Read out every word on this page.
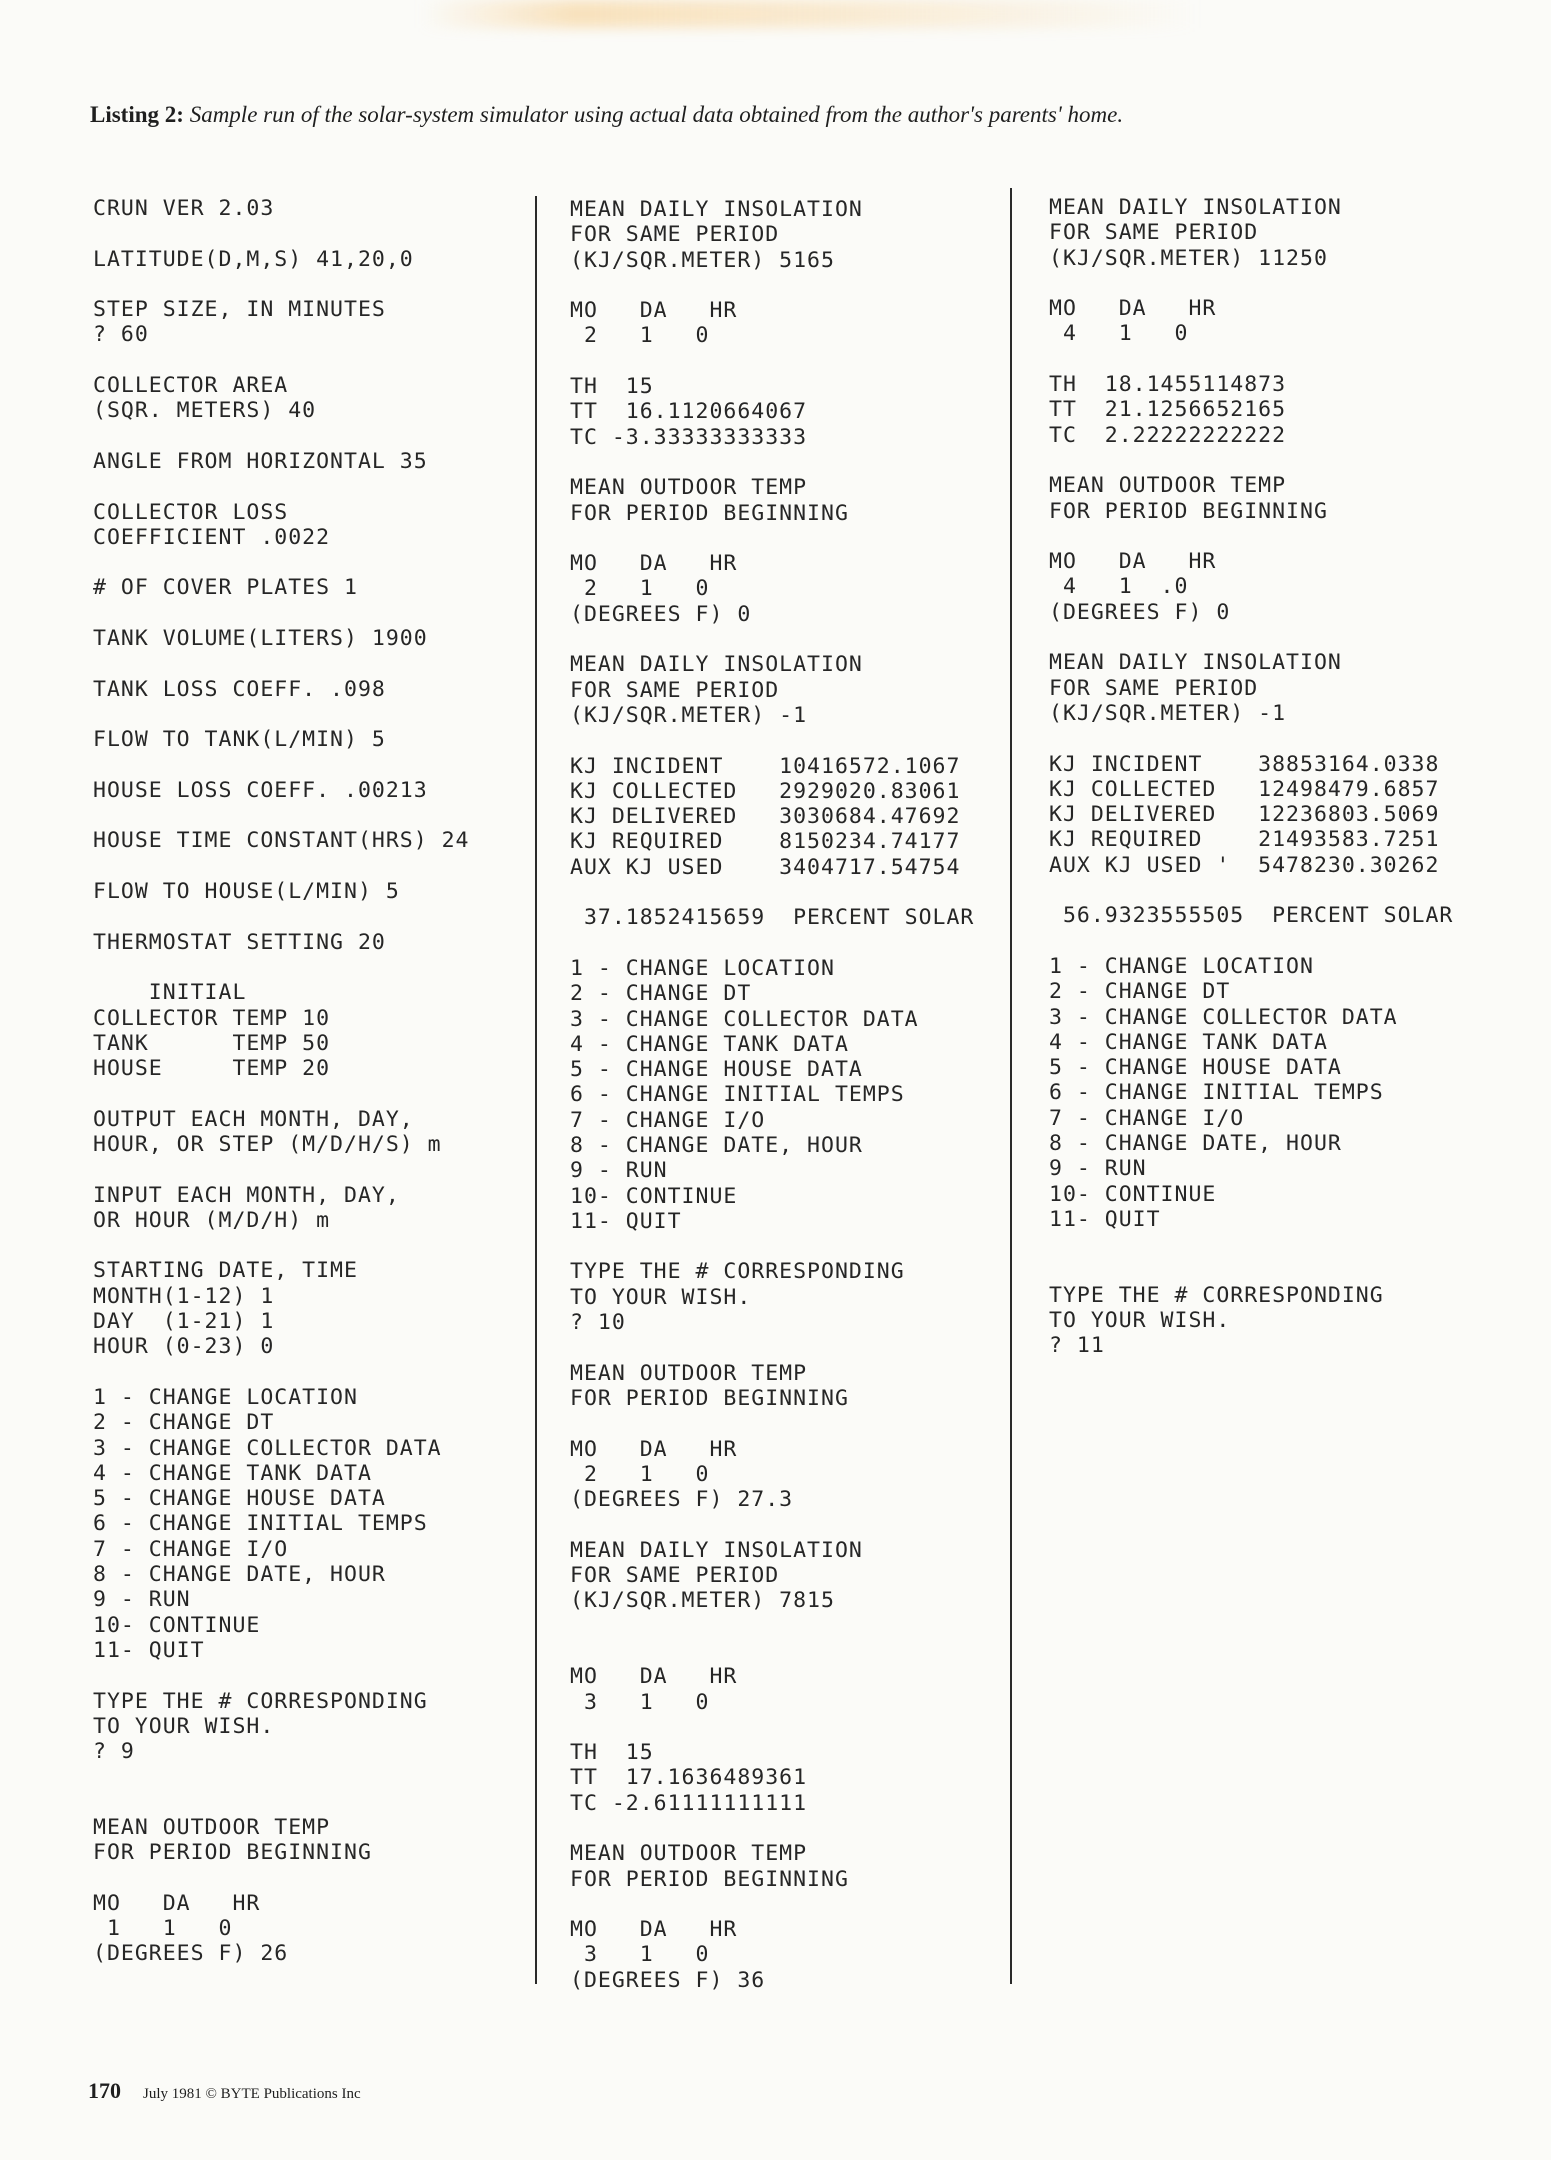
Listing 2: Sample run of the solar-system simulator using actual data obtained from the author's parents' home.
CRUN VER 2.03

LATITUDE(D,M,S) 41,20,0

STEP SIZE, IN MINUTES
? 60

COLLECTOR AREA
(SQR. METERS) 40

ANGLE FROM HORIZONTAL 35

COLLECTOR LOSS
COEFFICIENT .0022

# OF COVER PLATES 1

TANK VOLUME(LITERS) 1900

TANK LOSS COEFF. .098

FLOW TO TANK(L/MIN) 5

HOUSE LOSS COEFF. .00213

HOUSE TIME CONSTANT(HRS) 24

FLOW TO HOUSE(L/MIN) 5

THERMOSTAT SETTING 20

INITIAL
COLLECTOR TEMP 10
TANK      TEMP 50
HOUSE     TEMP 20

OUTPUT EACH MONTH, DAY,
HOUR, OR STEP (M/D/H/S) m

INPUT EACH MONTH, DAY,
OR HOUR (M/D/H) m

STARTING DATE, TIME
MONTH(1-12) 1
DAY  (1-21) 1
HOUR (0-23) 0

1 - CHANGE LOCATION
2 - CHANGE DT
3 - CHANGE COLLECTOR DATA
4 - CHANGE TANK DATA
5 - CHANGE HOUSE DATA
6 - CHANGE INITIAL TEMPS
7 - CHANGE I/O
8 - CHANGE DATE, HOUR
9 - RUN
10- CONTINUE
11- QUIT

TYPE THE # CORRESPONDING
TO YOUR WISH.
? 9

MEAN OUTDOOR TEMP
FOR PERIOD BEGINNING

MO   DA   HR
1   1   0
(DEGREES F) 26
MEAN DAILY INSOLATION
FOR SAME PERIOD
(KJ/SQR.METER) 5165

MO   DA   HR
2   1   0

TH  15
TT  16.1120664067
TC -3.33333333333

MEAN OUTDOOR TEMP
FOR PERIOD BEGINNING

MO   DA   HR
2   1   0
(DEGREES F) 0

MEAN DAILY INSOLATION
FOR SAME PERIOD
(KJ/SQR.METER) -1

KJ INCIDENT    10416572.1067
KJ COLLECTED   2929020.83061
KJ DELIVERED   3030684.47692
KJ REQUIRED    8150234.74177
AUX KJ USED    3404717.54754

37.1852415659  PERCENT SOLAR

1 - CHANGE LOCATION
2 - CHANGE DT
3 - CHANGE COLLECTOR DATA
4 - CHANGE TANK DATA
5 - CHANGE HOUSE DATA
6 - CHANGE INITIAL TEMPS
7 - CHANGE I/O
8 - CHANGE DATE, HOUR
9 - RUN
10- CONTINUE
11- QUIT

TYPE THE # CORRESPONDING
TO YOUR WISH.
? 10

MEAN OUTDOOR TEMP
FOR PERIOD BEGINNING

MO   DA   HR
2   1   0
(DEGREES F) 27.3

MEAN DAILY INSOLATION
FOR SAME PERIOD
(KJ/SQR.METER) 7815

MO   DA   HR
3   1   0

TH  15
TT  17.1636489361
TC -2.61111111111

MEAN OUTDOOR TEMP
FOR PERIOD BEGINNING

MO   DA   HR
3   1   0
(DEGREES F) 36
MEAN DAILY INSOLATION
FOR SAME PERIOD
(KJ/SQR.METER) 11250

MO   DA   HR
4   1   0

TH  18.1455114873
TT  21.1256652165
TC  2.22222222222

MEAN OUTDOOR TEMP
FOR PERIOD BEGINNING

MO   DA   HR
4   1  .0
(DEGREES F) 0

MEAN DAILY INSOLATION
FOR SAME PERIOD
(KJ/SQR.METER) -1

KJ INCIDENT    38853164.0338
KJ COLLECTED   12498479.6857
KJ DELIVERED   12236803.5069
KJ REQUIRED    21493583.7251
AUX KJ USED '  5478230.30262

56.9323555505  PERCENT SOLAR

1 - CHANGE LOCATION
2 - CHANGE DT
3 - CHANGE COLLECTOR DATA
4 - CHANGE TANK DATA
5 - CHANGE HOUSE DATA
6 - CHANGE INITIAL TEMPS
7 - CHANGE I/O
8 - CHANGE DATE, HOUR
9 - RUN
10- CONTINUE
11- QUIT

TYPE THE # CORRESPONDING
TO YOUR WISH.
? 11
170 July 1981 © BYTE Publications Inc
